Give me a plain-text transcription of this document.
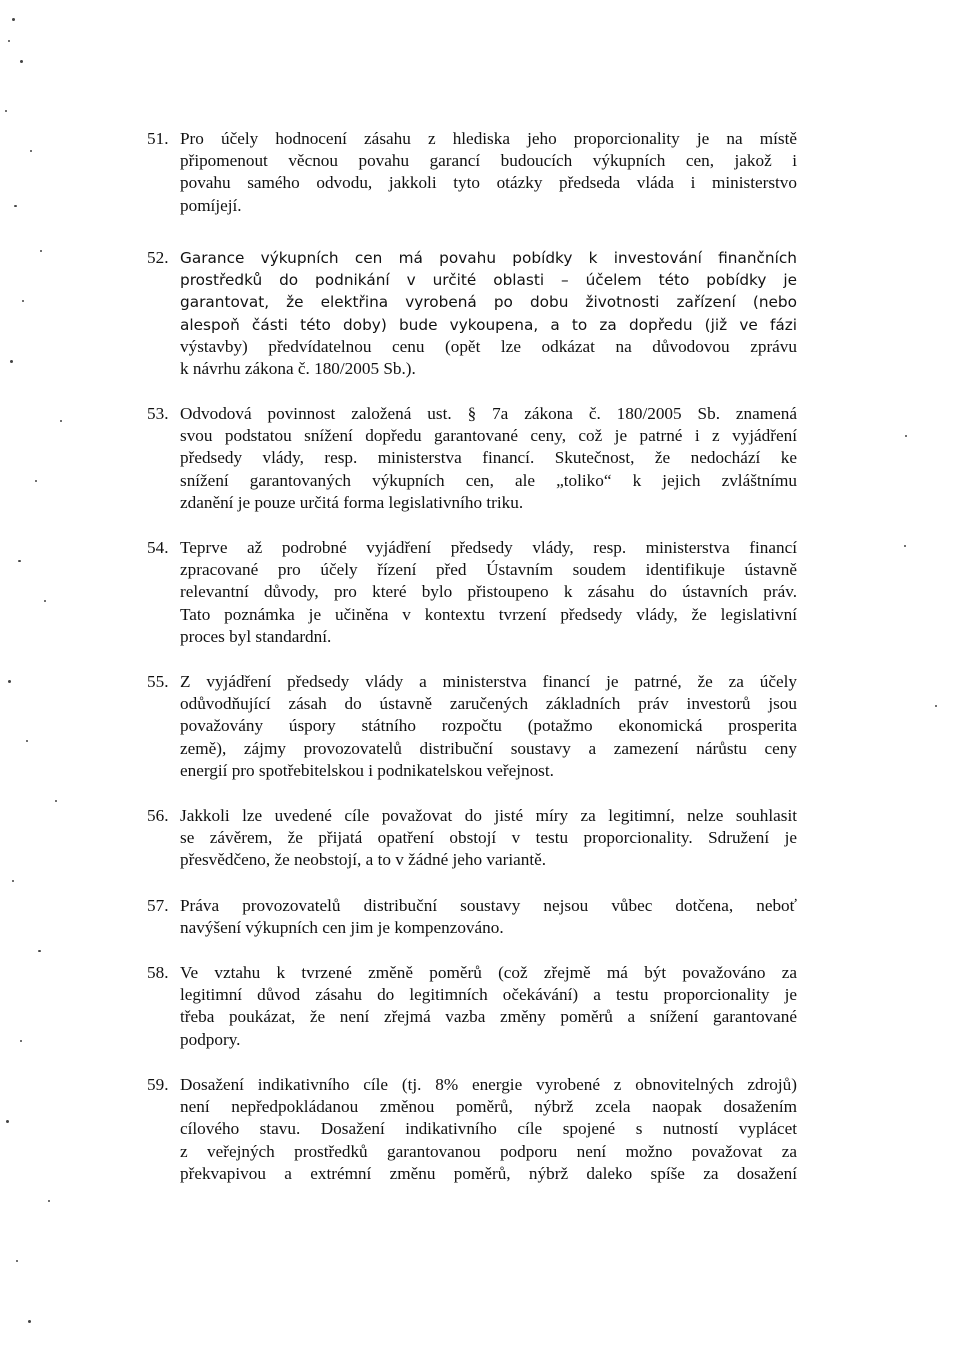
51. Pro účely hodnocení zásahu z hlediska jeho proporcionality je na místě
připomenout věcnou povahu garancí budoucích výkupních cen, jakož i
povahu samého odvodu, jakkoli tyto otázky předseda vláda i ministerstvo
pomíjejí.
52. Garance výkupních cen má povahu pobídky k investování finančních
prostředků do podnikání v určité oblasti – účelem této pobídky je
garantovat, že elektřina vyrobená po dobu životnosti zařízení (nebo
alespoň části této doby) bude vykoupena, a to za dopředu (již ve fázi
výstavby) předvídatelnou cenu (opět lze odkázat na důvodovou zprávu
k návrhu zákona č. 180/2005 Sb.).
53. Odvodová povinnost založená ust. § 7a zákona č. 180/2005 Sb. znamená
svou podstatou snížení dopředu garantované ceny, což je patrné i z vyjádření
předsedy vlády, resp. ministerstva financí. Skutečnost, že nedochází ke
snížení garantovaných výkupních cen, ale „toliko“ k jejich zvláštnímu
zdanění je pouze určitá forma legislativního triku.
54. Teprve až podrobné vyjádření předsedy vlády, resp. ministerstva financí
zpracované pro účely řízení před Ústavním soudem identifikuje ústavně
relevantní důvody, pro které bylo přistoupeno k zásahu do ústavních práv.
Tato poznámka je učiněna v kontextu tvrzení předsedy vlády, že legislativní
proces byl standardní.
55. Z vyjádření předsedy vlády a ministerstva financí je patrné, že za účely
odůvodňující zásah do ústavně zaručených základních práv investorů jsou
považovány úspory státního rozpočtu (potažmo ekonomická prosperita
země), zájmy provozovatelů distribuční soustavy a zamezení nárůstu ceny
energií pro spotřebitelskou i podnikatelskou veřejnost.
56. Jakkoli lze uvedené cíle považovat do jisté míry za legitimní, nelze souhlasit
se závěrem, že přijatá opatření obstojí v testu proporcionality. Sdružení je
přesvědčeno, že neobstojí, a to v žádné jeho variantě.
57. Práva provozovatelů distribuční soustavy nejsou vůbec dotčena, neboť
navýšení výkupních cen jim je kompenzováno.
58. Ve vztahu k tvrzené změně poměrů (což zřejmě má být považováno za
legitimní důvod zásahu do legitimních očekávání) a testu proporcionality je
třeba poukázat, že není zřejmá vazba změny poměrů a snížení garantované
podpory.
59. Dosažení indikativního cíle (tj. 8% energie vyrobené z obnovitelných zdrojů)
není nepředpokládanou změnou poměrů, nýbrž zcela naopak dosažením
cílového stavu. Dosažení indikativního cíle spojené s nutností vyplácet
z veřejných prostředků garantovanou podporu není možno považovat za
překvapivou a extrémní změnu poměrů, nýbrž daleko spíše za dosažení
